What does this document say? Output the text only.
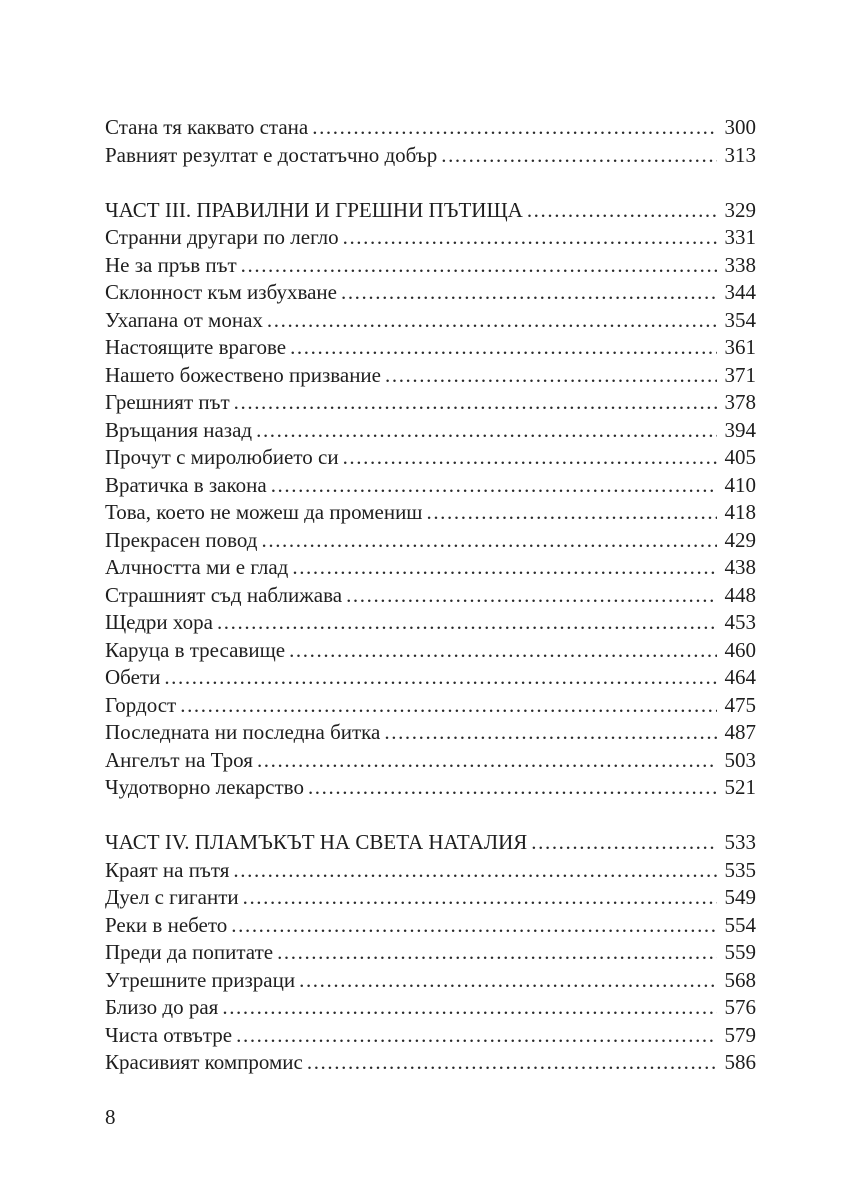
Стана тя каквато стана .....	300
Равният резултат е достатъчно добър .....	313
ЧАСТ III. ПРАВИЛНИ И ГРЕШНИ ПЪТИЩА .....	329
Странни другари по легло .....	331
Не за пръв път .....	338
Склонност към избухване .....	344
Ухапана от монах .....	354
Настоящите врагове .....	361
Нашето божествено призвание .....	371
Грешният път .....	378
Връщания назад .....	394
Прочут с миролюбието си .....	405
Вратичка в закона .....	410
Това, което не можеш да промениш .....	418
Прекрасен повод .....	429
Алчността ми е глад .....	438
Страшният съд наближава .....	448
Щедри хора .....	453
Каруца в тресавище .....	460
Обети .....	464
Гордост .....	475
Последната ни последна битка .....	487
Ангелът на Троя .....	503
Чудотворно лекарство .....	521
ЧАСТ IV. ПЛАМЪКЪТ НА СВЕТА НАТАЛИЯ .....	533
Краят на пътя .....	535
Дуел с гиганти .....	549
Реки в небето .....	554
Преди да попитате .....	559
Утрешните призраци .....	568
Близо до рая .....	576
Чиста отвътре .....	579
Красивият компромис .....	586
8
